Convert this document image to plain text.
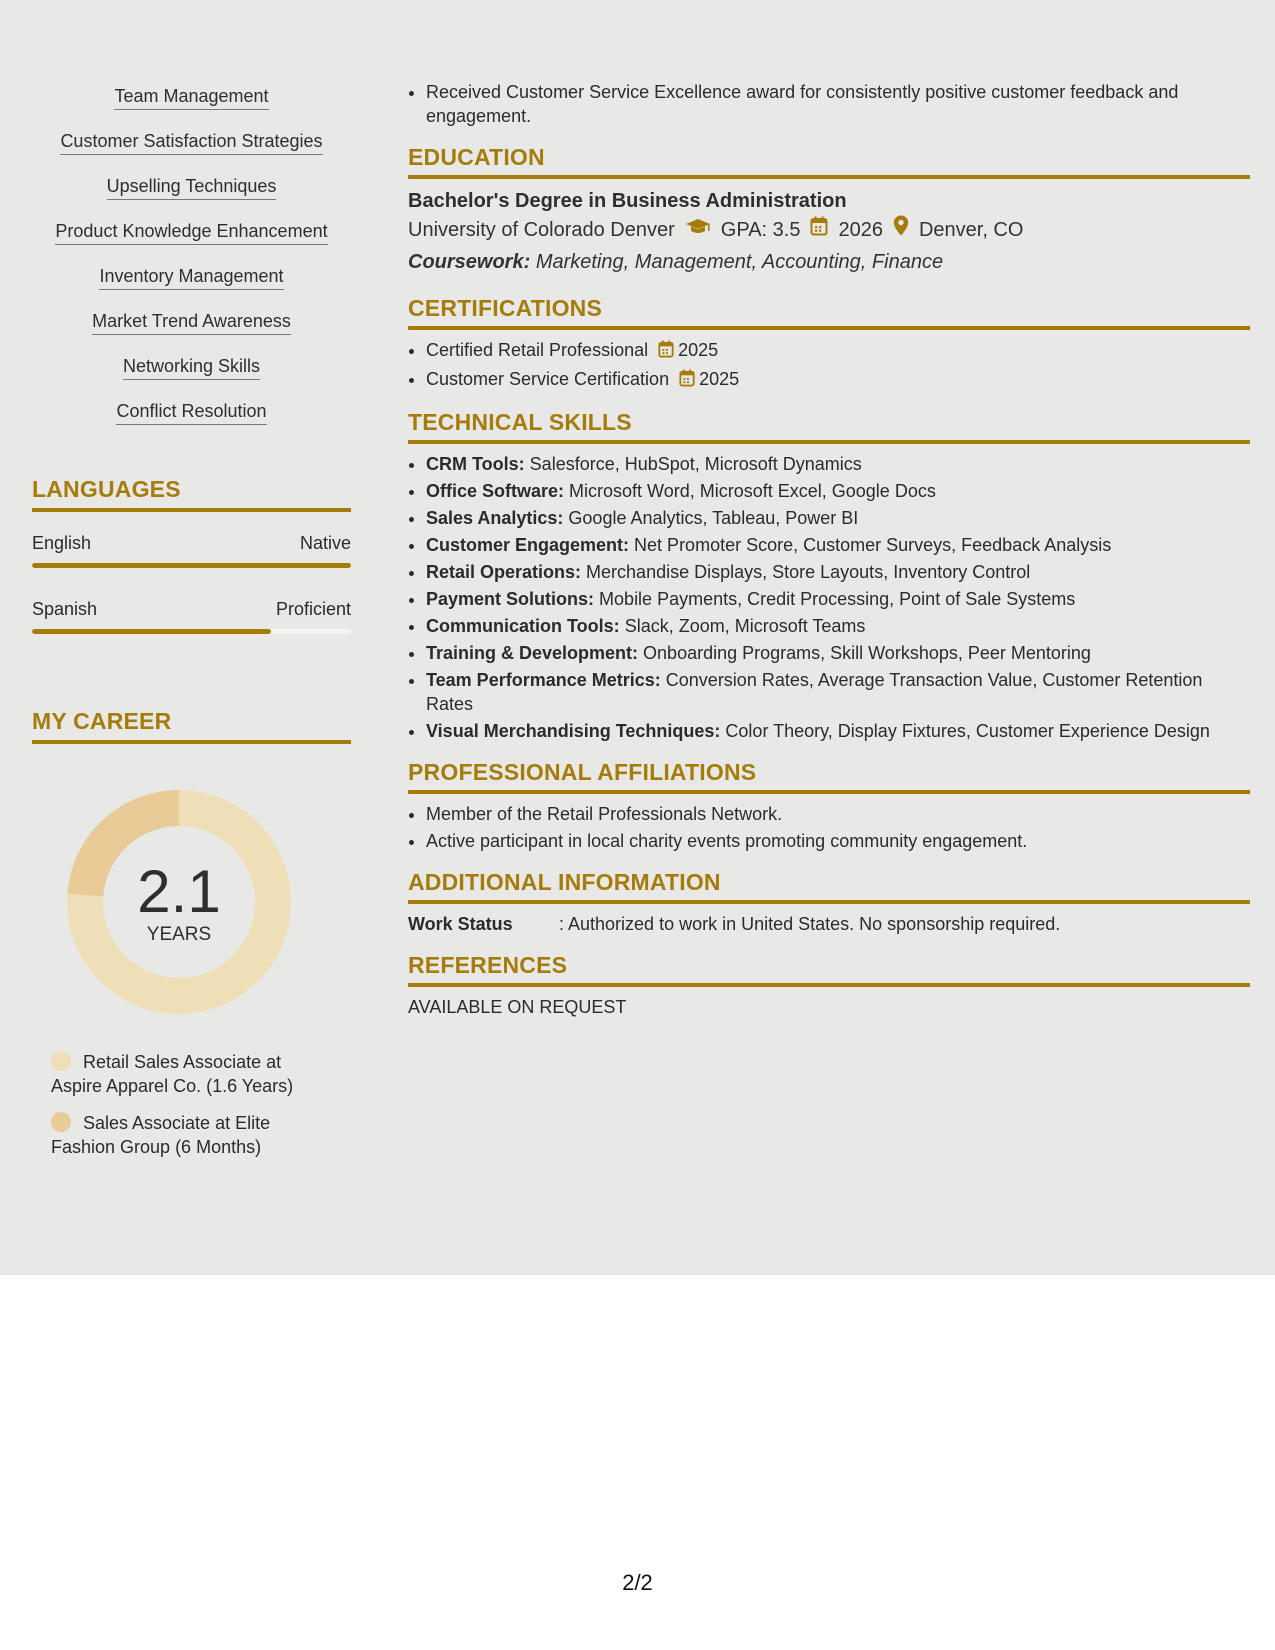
Team Management
Customer Satisfaction Strategies
Upselling Techniques
Product Knowledge Enhancement
Inventory Management
Market Trend Awareness
Networking Skills
Conflict Resolution
LANGUAGES
English	Native
Spanish	Proficient
MY CAREER
2.1
YEARS
Retail Sales Associate at Aspire Apparel Co. (1.6 Years)
Sales Associate at Elite Fashion Group (6 Months)
• Received Customer Service Excellence award for consistently positive customer feedback and engagement.
EDUCATION
Bachelor's Degree in Business Administration
University of Colorado Denver GPA: 3.5 2026 Denver, CO
Coursework: Marketing, Management, Accounting, Finance
CERTIFICATIONS
• Certified Retail Professional 2025
• Customer Service Certification 2025
TECHNICAL SKILLS
• CRM Tools: Salesforce, HubSpot, Microsoft Dynamics
• Office Software: Microsoft Word, Microsoft Excel, Google Docs
• Sales Analytics: Google Analytics, Tableau, Power BI
• Customer Engagement: Net Promoter Score, Customer Surveys, Feedback Analysis
• Retail Operations: Merchandise Displays, Store Layouts, Inventory Control
• Payment Solutions: Mobile Payments, Credit Processing, Point of Sale Systems
• Communication Tools: Slack, Zoom, Microsoft Teams
• Training & Development: Onboarding Programs, Skill Workshops, Peer Mentoring
• Team Performance Metrics: Conversion Rates, Average Transaction Value, Customer Retention Rates
• Visual Merchandising Techniques: Color Theory, Display Fixtures, Customer Experience Design
PROFESSIONAL AFFILIATIONS
• Member of the Retail Professionals Network.
• Active participant in local charity events promoting community engagement.
ADDITIONAL INFORMATION
Work Status	: Authorized to work in United States. No sponsorship required.
REFERENCES
AVAILABLE ON REQUEST
2/2
